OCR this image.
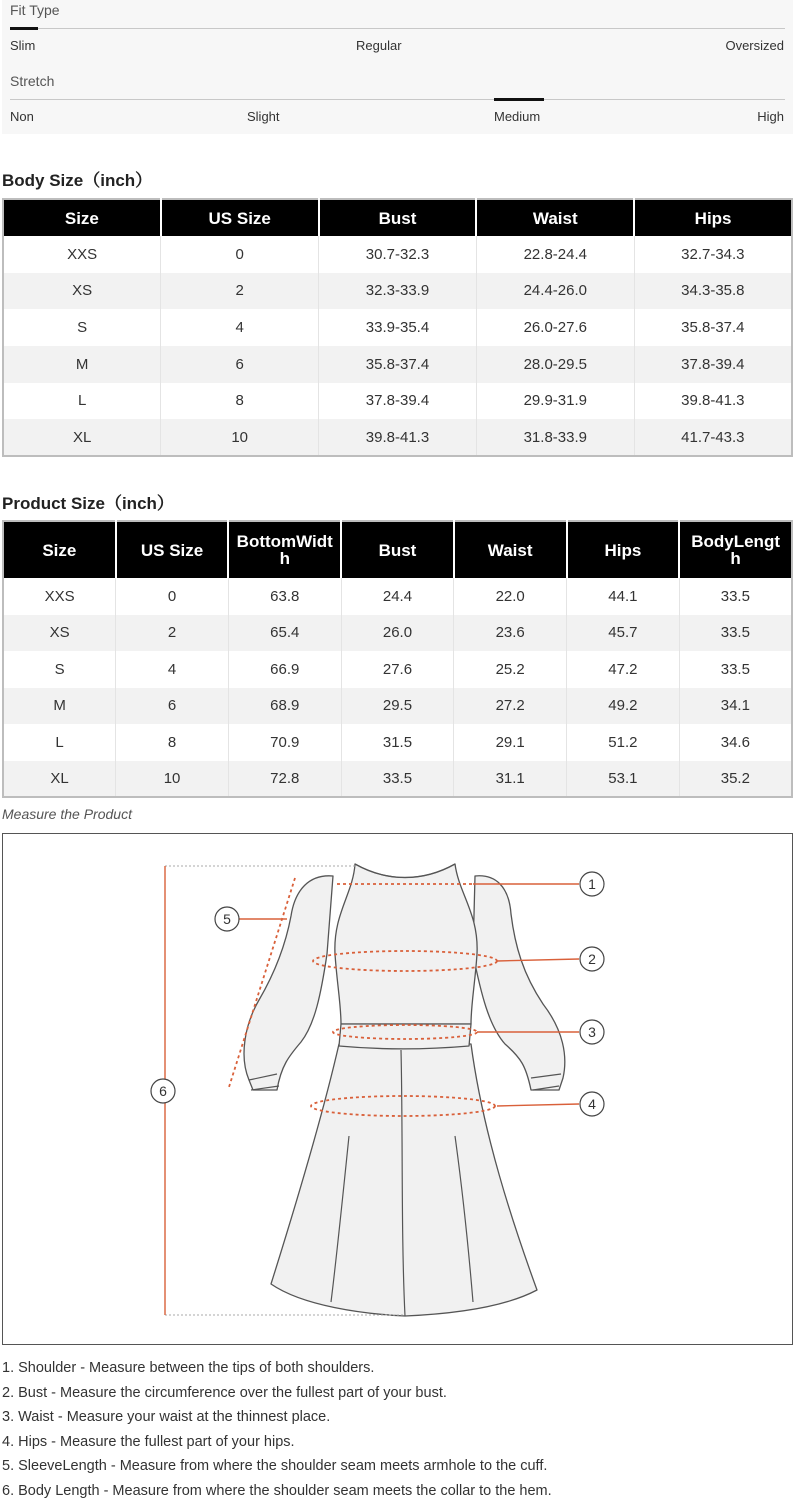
Fit Type
Slim	Regular	Oversized
Stretch
Non	Slight	Medium	High
Body Size（inch）
Size	US Size	Bust	Waist	Hips
XXS	0	30.7-32.3	22.8-24.4	32.7-34.3
XS	2	32.3-33.9	24.4-26.0	34.3-35.8
S	4	33.9-35.4	26.0-27.6	35.8-37.4
M	6	35.8-37.4	28.0-29.5	37.8-39.4
L	8	37.8-39.4	29.9-31.9	39.8-41.3
XL	10	39.8-41.3	31.8-33.9	41.7-43.3
Product Size（inch）
Size	US Size	BottomWidth	Bust	Waist	Hips	BodyLength
XXS	0	63.8	24.4	22.0	44.1	33.5
XS	2	65.4	26.0	23.6	45.7	33.5
S	4	66.9	27.6	25.2	47.2	33.5
M	6	68.9	29.5	27.2	49.2	34.1
L	8	70.9	31.5	29.1	51.2	34.6
XL	10	72.8	33.5	31.1	53.1	35.2
Measure the Product
1
2
3
4
5
6
1. Shoulder - Measure between the tips of both shoulders.
2. Bust - Measure the circumference over the fullest part of your bust.
3. Waist - Measure your waist at the thinnest place.
4. Hips - Measure the fullest part of your hips.
5. SleeveLength - Measure from where the shoulder seam meets armhole to the cuff.
6. Body Length - Measure from where the shoulder seam meets the collar to the hem.
